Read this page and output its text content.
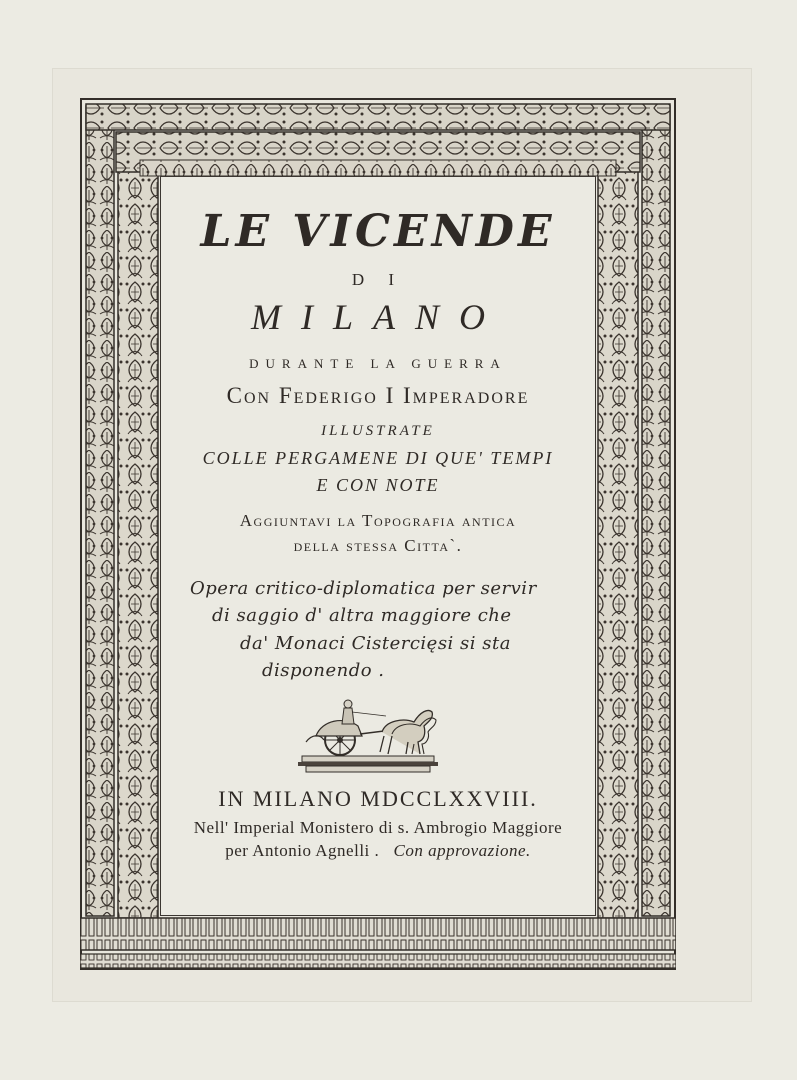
LE VICENDE
D I
MILANO
DURANTE LA GUERRA
Con Federigo I Imperadore
ILLUSTRATE
COLLE PERGAMENE DI QUE' TEMPI
E CON NOTE
Aggiuntavi la Topografia antica
della stessa Citta`.
Opera critico-diplomatica per servir
di saggio d' altra maggiore che
da' Monaci Cistercięsi si sta
disponendo .
IN MILANO MDCCLXXVIII.
Nell' Imperial Monistero di s. Ambrogio Maggiore
per Antonio Agnelli . Con approvazione.
